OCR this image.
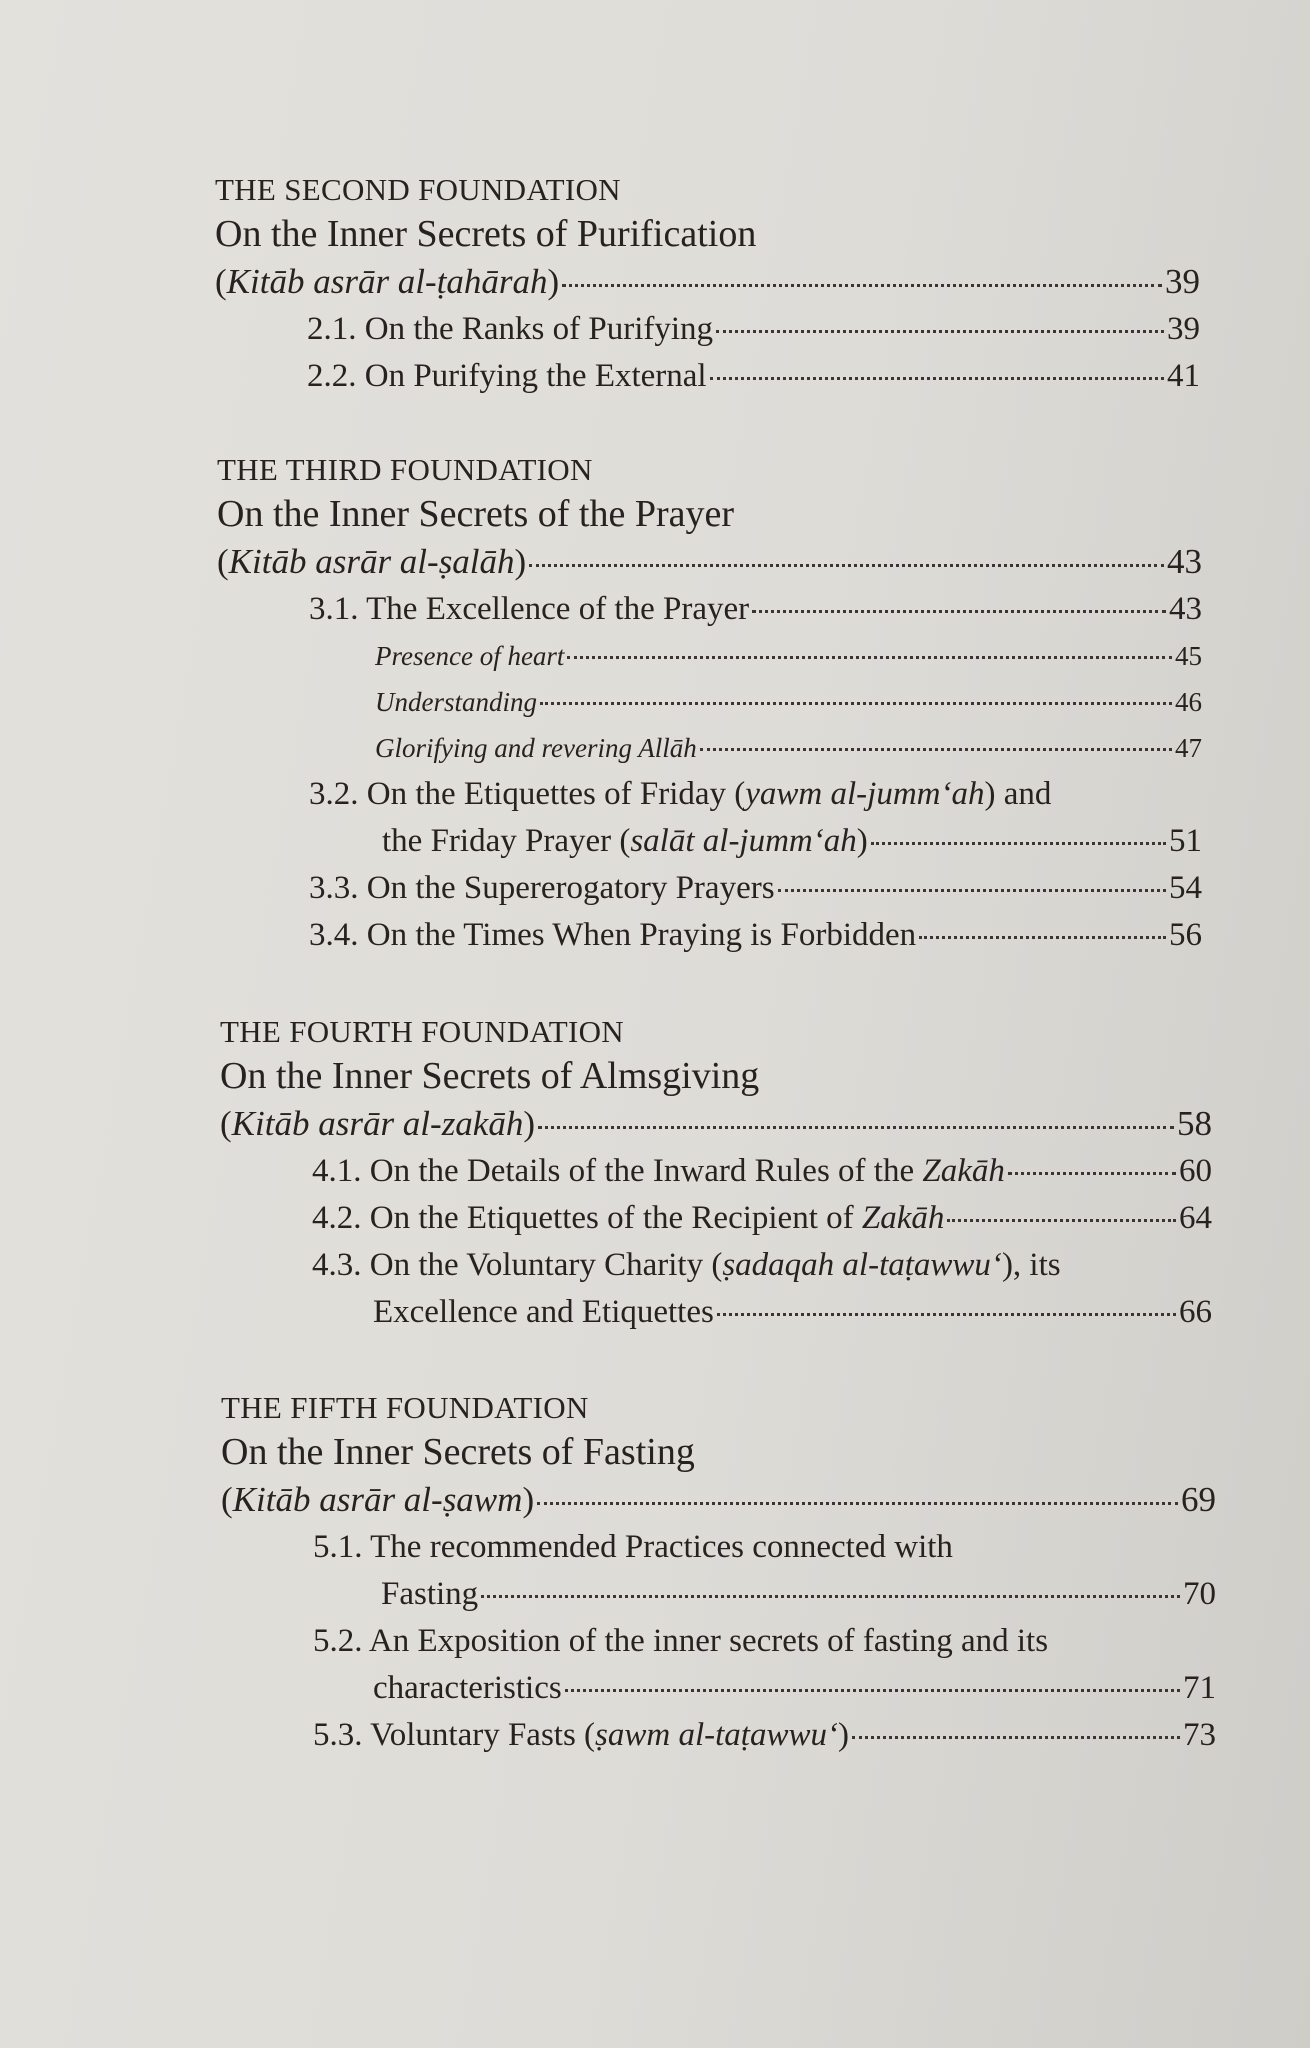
THE SECOND FOUNDATION
On the Inner Secrets of Purification
(Kitāb asrār al-ṭahārah)	39
2.1. On the Ranks of Purifying	39
2.2. On Purifying the External	41
THE THIRD FOUNDATION
On the Inner Secrets of the Prayer
(Kitāb asrār al-ṣalāh)	43
3.1. The Excellence of the Prayer	43
Presence of heart	45
Understanding	46
Glorifying and revering Allāh	47
3.2. On the Etiquettes of Friday (yawm al-jumm‘ah) and
the Friday Prayer (salāt al-jumm‘ah)	51
3.3. On the Supererogatory Prayers	54
3.4. On the Times When Praying is Forbidden	56
THE FOURTH FOUNDATION
On the Inner Secrets of Almsgiving
(Kitāb asrār al-zakāh)	58
4.1. On the Details of the Inward Rules of the Zakāh	60
4.2. On the Etiquettes of the Recipient of Zakāh	64
4.3. On the Voluntary Charity (ṣadaqah al-taṭawwu‘), its
Excellence and Etiquettes	66
THE FIFTH FOUNDATION
On the Inner Secrets of Fasting
(Kitāb asrār al-ṣawm)	69
5.1. The recommended Practices connected with
Fasting	70
5.2. An Exposition of the inner secrets of fasting and its
characteristics	71
5.3. Voluntary Fasts (ṣawm al-taṭawwu‘)	73
